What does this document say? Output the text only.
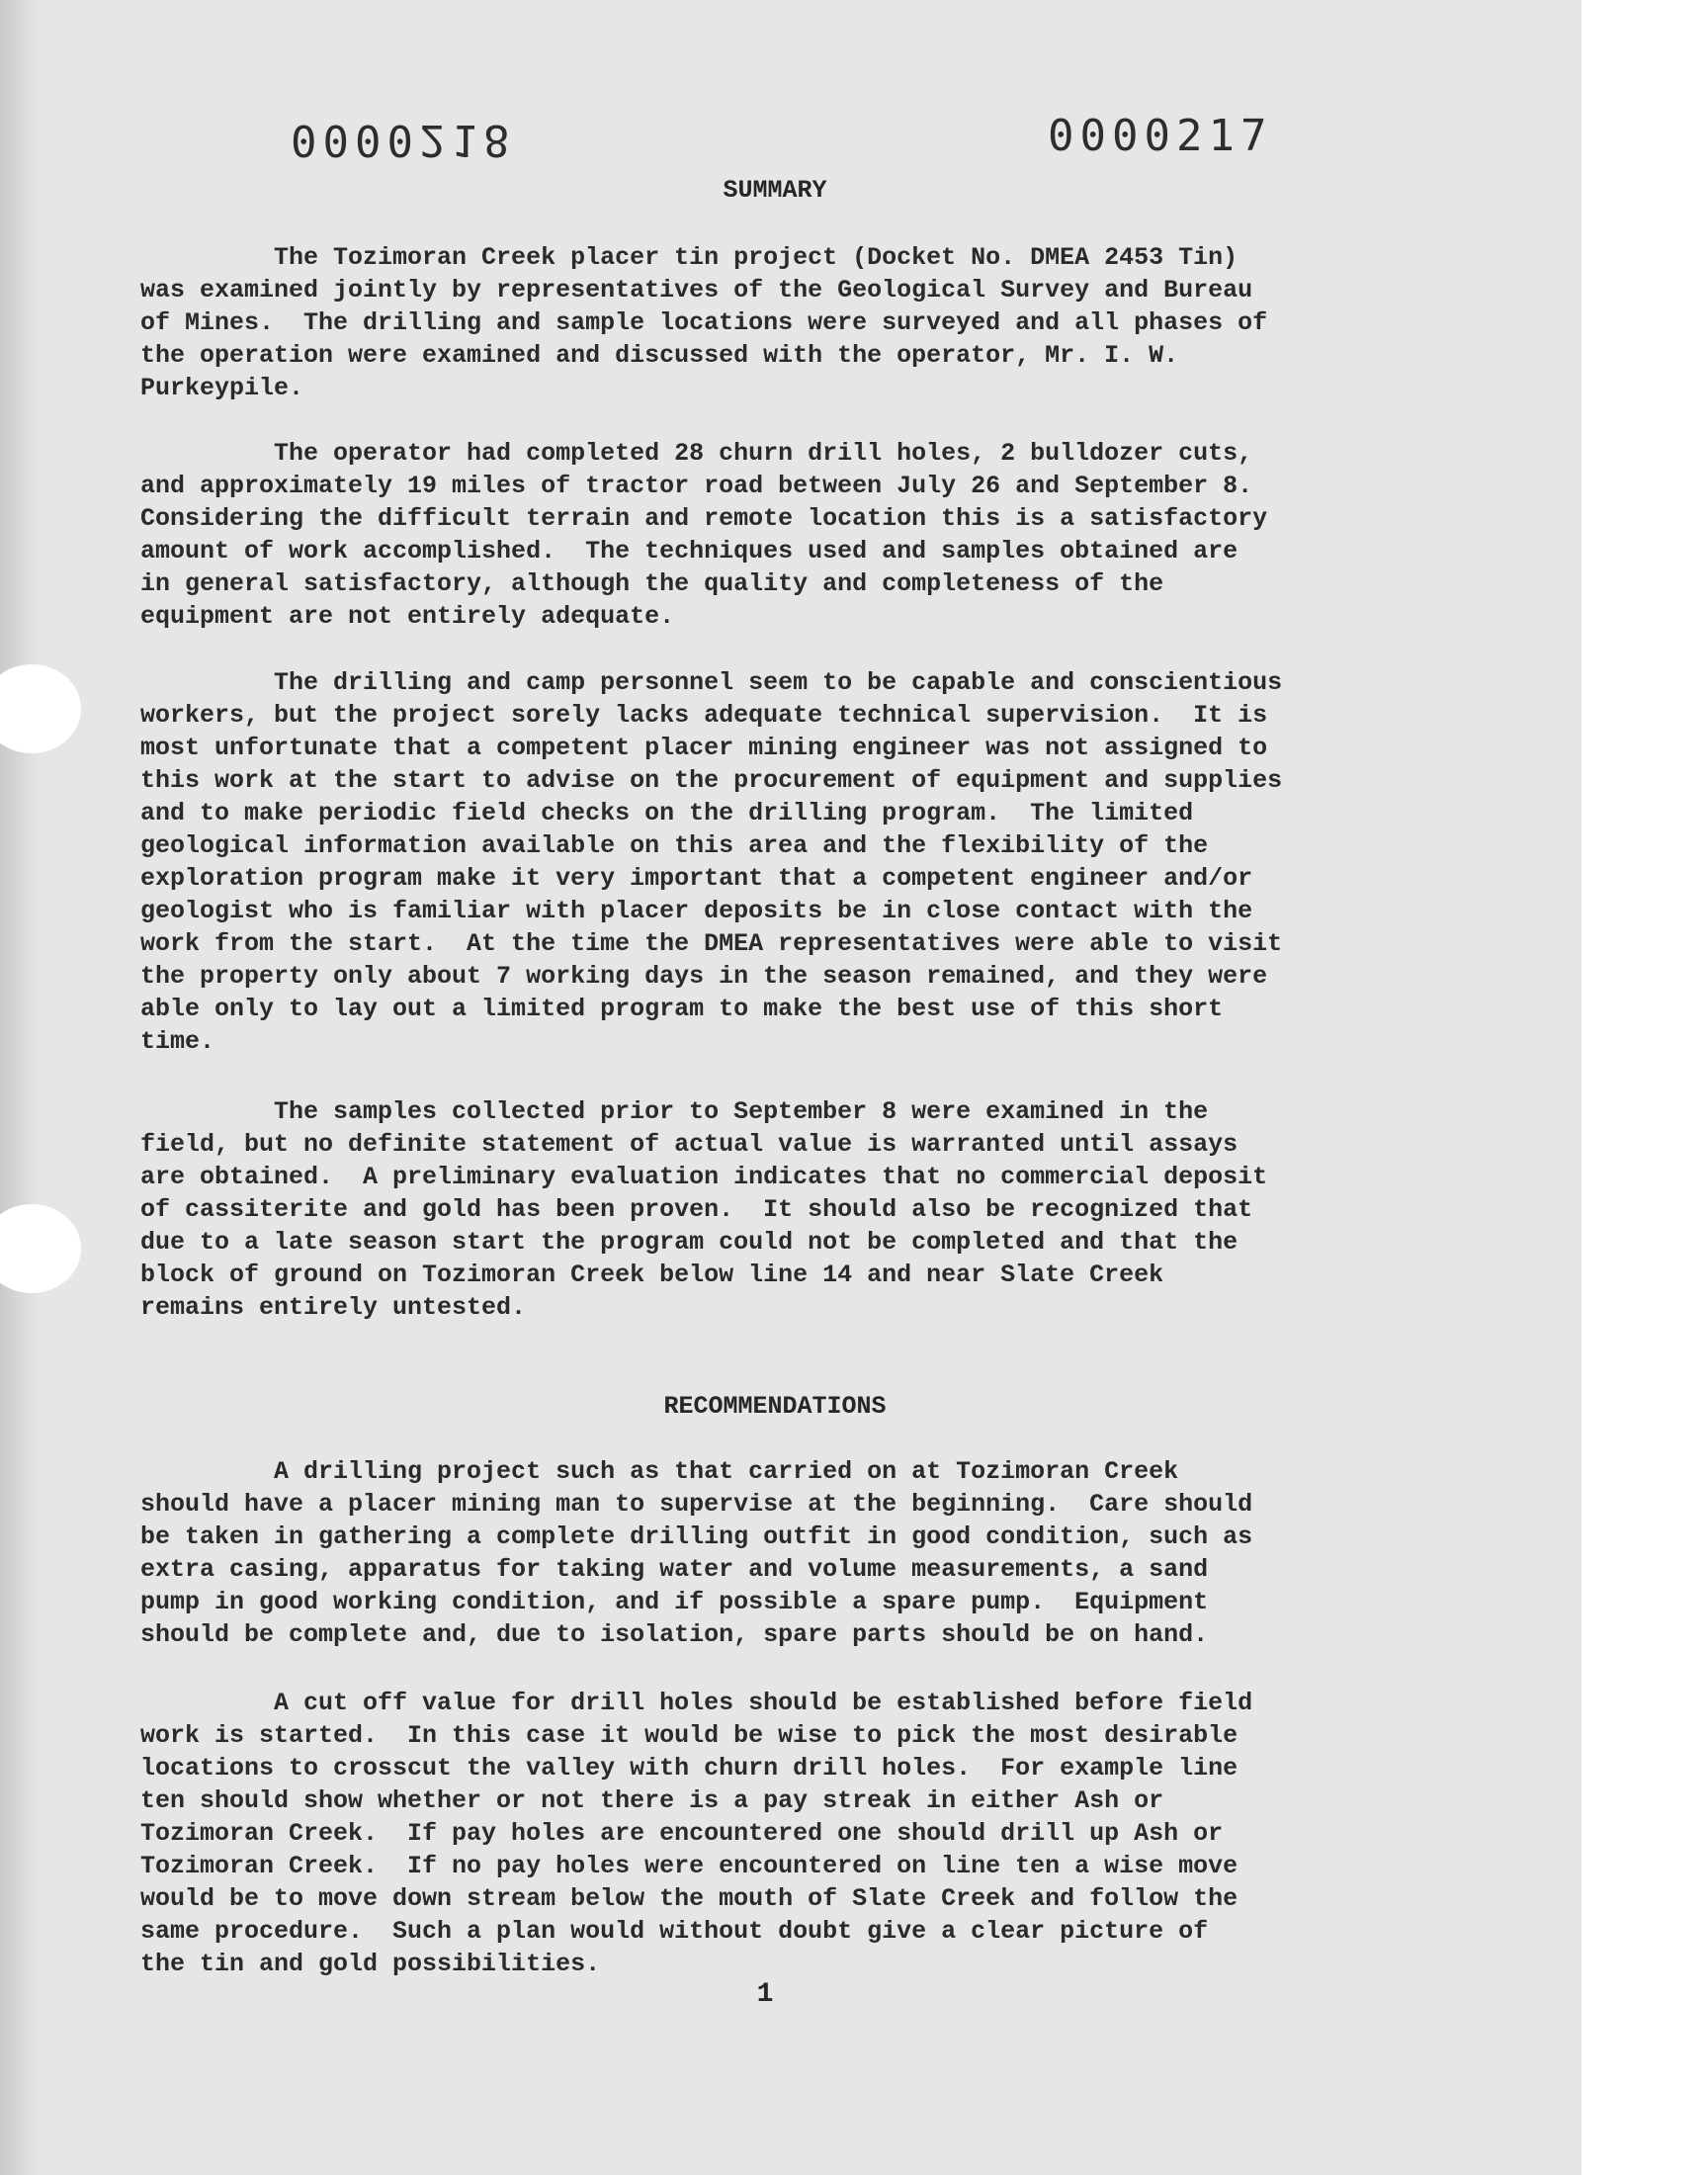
0000218	0000217
SUMMARY
The Tozimoran Creek placer tin project (Docket No. DMEA 2453 Tin)
was examined jointly by representatives of the Geological Survey and Bureau
of Mines.  The drilling and sample locations were surveyed and all phases of
the operation were examined and discussed with the operator, Mr. I. W.
Purkeypile.
The operator had completed 28 churn drill holes, 2 bulldozer cuts,
and approximately 19 miles of tractor road between July 26 and September 8.
Considering the difficult terrain and remote location this is a satisfactory
amount of work accomplished.  The techniques used and samples obtained are
in general satisfactory, although the quality and completeness of the
equipment are not entirely adequate.
The drilling and camp personnel seem to be capable and conscientious
workers, but the project sorely lacks adequate technical supervision.  It is
most unfortunate that a competent placer mining engineer was not assigned to
this work at the start to advise on the procurement of equipment and supplies
and to make periodic field checks on the drilling program.  The limited
geological information available on this area and the flexibility of the
exploration program make it very important that a competent engineer and/or
geologist who is familiar with placer deposits be in close contact with the
work from the start.  At the time the DMEA representatives were able to visit
the property only about 7 working days in the season remained, and they were
able only to lay out a limited program to make the best use of this short
time.
The samples collected prior to September 8 were examined in the
field, but no definite statement of actual value is warranted until assays
are obtained.  A preliminary evaluation indicates that no commercial deposit
of cassiterite and gold has been proven.  It should also be recognized that
due to a late season start the program could not be completed and that the
block of ground on Tozimoran Creek below line 14 and near Slate Creek
remains entirely untested.
RECOMMENDATIONS
A drilling project such as that carried on at Tozimoran Creek
should have a placer mining man to supervise at the beginning.  Care should
be taken in gathering a complete drilling outfit in good condition, such as
extra casing, apparatus for taking water and volume measurements, a sand
pump in good working condition, and if possible a spare pump.  Equipment
should be complete and, due to isolation, spare parts should be on hand.
A cut off value for drill holes should be established before field
work is started.  In this case it would be wise to pick the most desirable
locations to crosscut the valley with churn drill holes.  For example line
ten should show whether or not there is a pay streak in either Ash or
Tozimoran Creek.  If pay holes are encountered one should drill up Ash or
Tozimoran Creek.  If no pay holes were encountered on line ten a wise move
would be to move down stream below the mouth of Slate Creek and follow the
same procedure.  Such a plan would without doubt give a clear picture of
the tin and gold possibilities.
1
